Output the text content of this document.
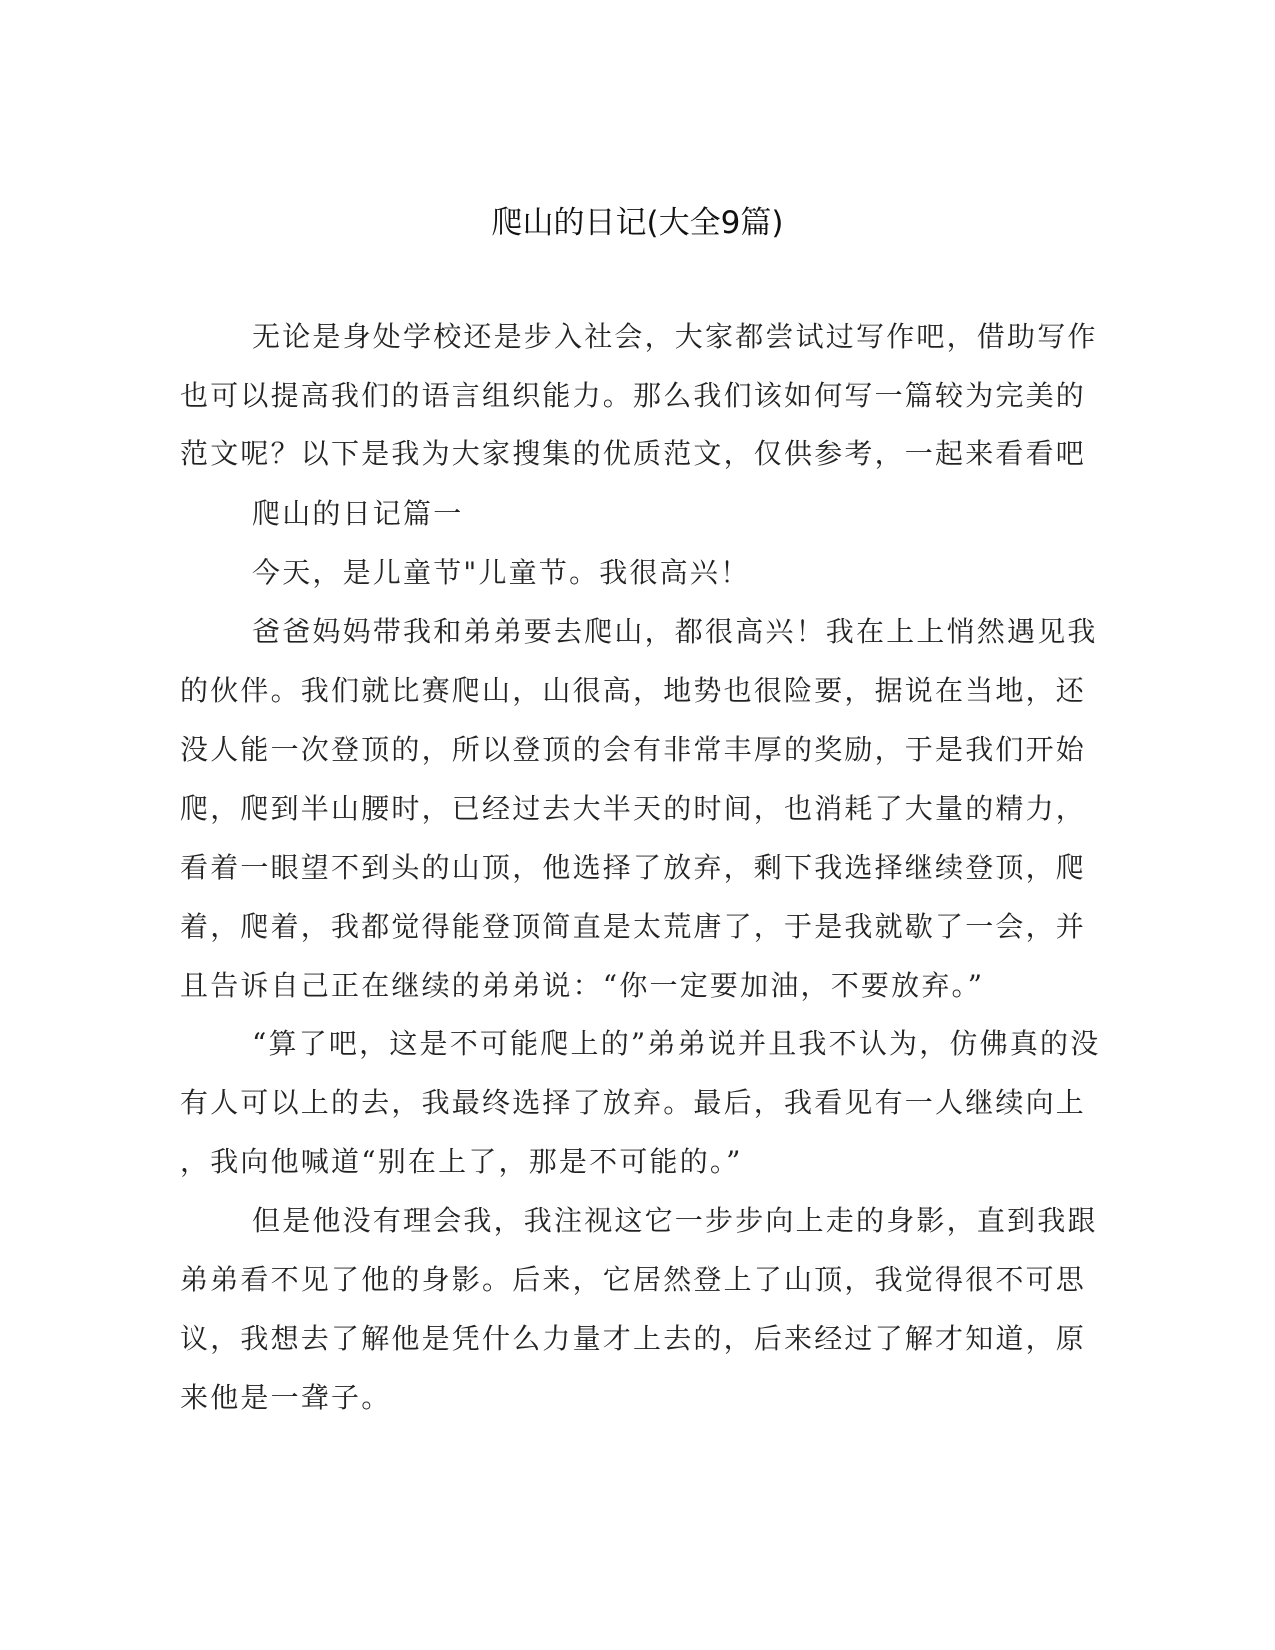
爬山的日记(大全9篇)
无论是身处学校还是步入社会，大家都尝试过写作吧，借助写作
也可以提高我们的语言组织能力。那么我们该如何写一篇较为完美的
范文呢？以下是我为大家搜集的优质范文，仅供参考，一起来看看吧
爬山的日记篇一
今天，是儿童节"儿童节。我很高兴！
爸爸妈妈带我和弟弟要去爬山，都很高兴！我在上上悄然遇见我
的伙伴。我们就比赛爬山，山很高，地势也很险要，据说在当地，还
没人能一次登顶的，所以登顶的会有非常丰厚的奖励，于是我们开始
爬，爬到半山腰时，已经过去大半天的时间，也消耗了大量的精力，
看着一眼望不到头的山顶，他选择了放弃，剩下我选择继续登顶，爬
着，爬着，我都觉得能登顶简直是太荒唐了，于是我就歇了一会，并
且告诉自己正在继续的弟弟说：“你一定要加油，不要放弃。”
“算了吧，这是不可能爬上的”弟弟说并且我不认为，仿佛真的没
有人可以上的去，我最终选择了放弃。最后，我看见有一人继续向上
，我向他喊道“别在上了，那是不可能的。”
但是他没有理会我，我注视这它一步步向上走的身影，直到我跟
弟弟看不见了他的身影。后来，它居然登上了山顶，我觉得很不可思
议，我想去了解他是凭什么力量才上去的，后来经过了解才知道，原
来他是一聋子。
